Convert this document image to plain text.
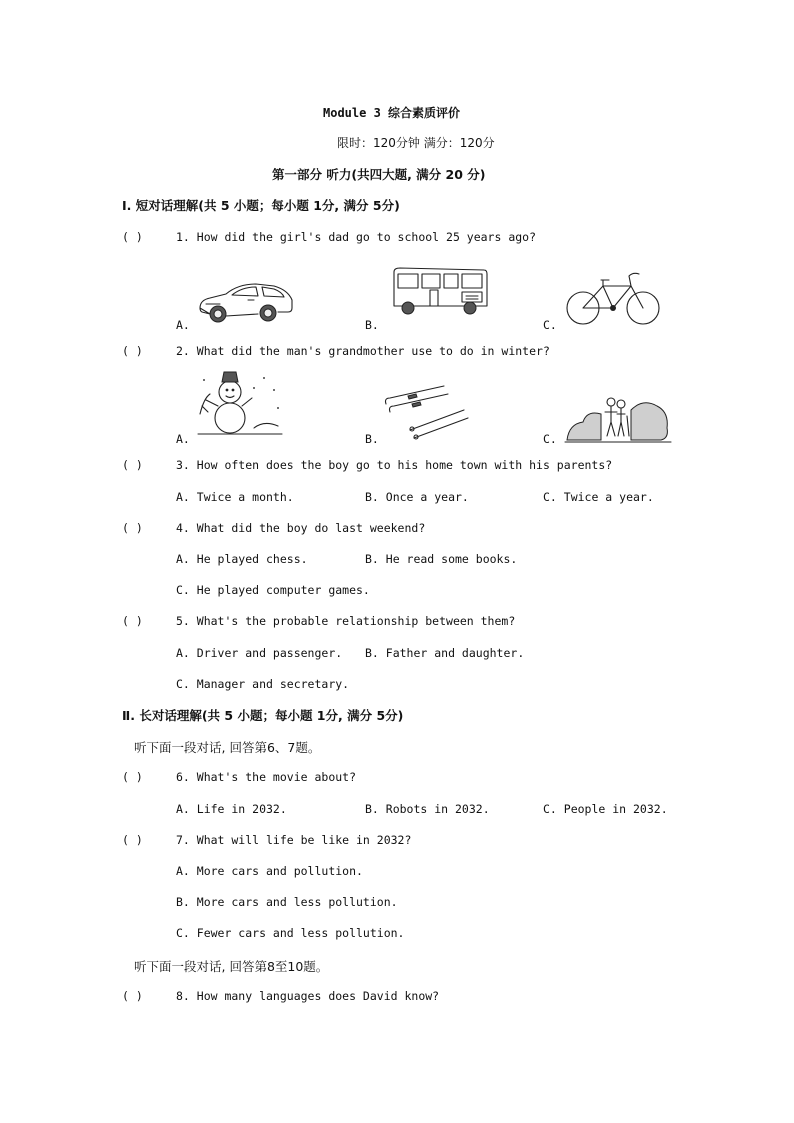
Module 3 综合素质评价
限时：120分钟 满分：120分
第一部分 听力(共四大题, 满分 20 分)
Ⅰ. 短对话理解(共 5 小题；每小题 1分, 满分 5分)
( )	1. How did the girl's dad go to school 25 years ago?
A.	B.	C.
( )	2. What did the man's grandmother use to do in winter?
A.	B.	C.
( )	3. How often does the boy go to his home town with his parents?
A. Twice a month.	B. Once a year.	C. Twice a year.
( )	4. What did the boy do last weekend?
A. He played chess.	B. He read some books.
C. He played computer games.
( )	5. What's the probable relationship between them?
A. Driver and passenger. B. Father and daughter.
C. Manager and secretary.
Ⅱ. 长对话理解(共 5 小题；每小题 1分, 满分 5分)
听下面一段对话, 回答第6、7题。
( )	6. What's the movie about?
A. Life in 2032.	B. Robots in 2032.	C. People in 2032.
( )	7. What will life be like in 2032?
A. More cars and pollution.
B. More cars and less pollution.
C. Fewer cars and less pollution.
听下面一段对话, 回答第8至10题。
( )	8. How many languages does David know?
